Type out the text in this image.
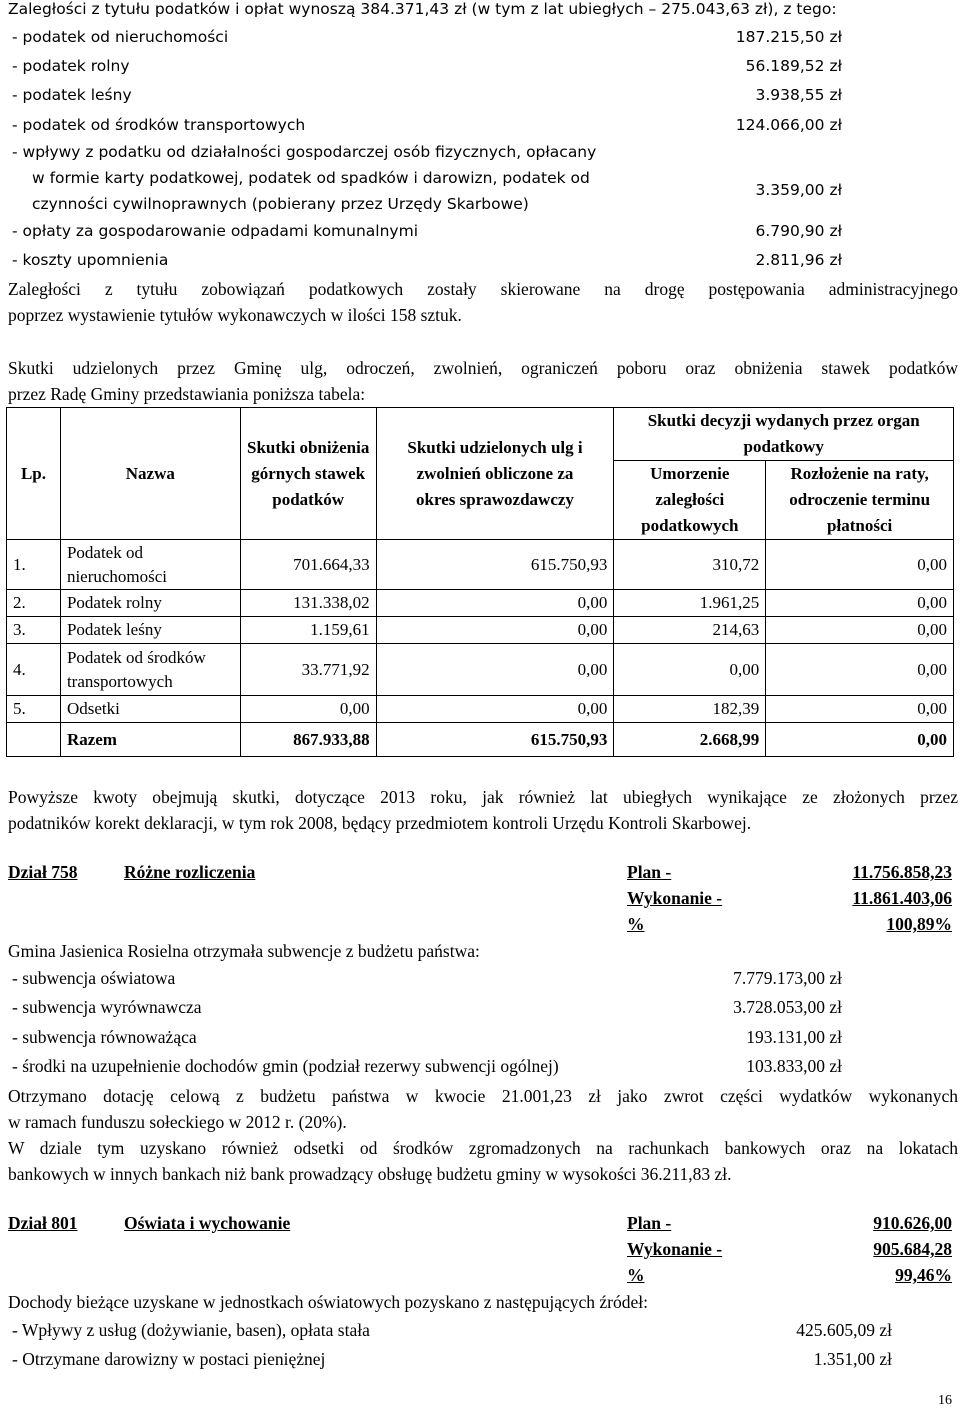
Zaległości z tytułu podatków i opłat wynoszą 384.371,43 zł (w tym z lat ubiegłych – 275.043,63 zł), z tego:
- podatek od nieruchomości	187.215,50 zł
- podatek rolny	56.189,52 zł
- podatek leśny	3.938,55 zł
- podatek od środków transportowych	124.066,00 zł
- wpływy z podatku od działalności gospodarczej osób fizycznych, opłacany
w formie karty podatkowej, podatek od spadków i darowizn, podatek od
czynności cywilnoprawnych (pobierany przez Urzędy Skarbowe)
3.359,00 zł
- opłaty za gospodarowanie odpadami komunalnymi	6.790,90 zł
- koszty upomnienia	2.811,96 zł
Zaległości z tytułu zobowiązań podatkowych zostały skierowane na drogę postępowania administracyjnego
poprzez wystawienie tytułów wykonawczych w ilości 158 sztuk.
Skutki udzielonych przez Gminę ulg, odroczeń, zwolnień, ograniczeń poboru oraz obniżenia stawek podatków
przez Radę Gminy przedstawiania poniższa tabela:
Lp.	Nazwa	Skutki obniżenia górnych stawek podatków	Skutki udzielonych ulg i zwolnień obliczone za okres sprawozdawczy	Skutki decyzji wydanych przez organ podatkowy	
				Umorzenie zaległości podatkowych	Rozłożenie na raty, odroczenie terminu płatności
1.	Podatek od nieruchomości	701.664,33	615.750,93	310,72	0,00
2.	Podatek rolny	131.338,02	0,00	1.961,25	0,00
3.	Podatek leśny	1.159,61	0,00	214,63	0,00
4.	Podatek od środków transportowych	33.771,92	0,00	0,00	0,00
5.	Odsetki	0,00	0,00	182,39	0,00
	Razem	867.933,88	615.750,93	2.668,99	0,00
Powyższe kwoty obejmują skutki, dotyczące 2013 roku, jak również lat ubiegłych wynikające ze złożonych przez
podatników korekt deklaracji, w tym rok 2008, będący przedmiotem kontroli Urzędu Kontroli Skarbowej.
Dział 758	Różne rozliczenia	Plan -	11.756.858,23
Wykonanie -	11.861.403,06
%	100,89%
Gmina Jasienica Rosielna otrzymała subwencje z budżetu państwa:
- subwencja oświatowa	7.779.173,00 zł
- subwencja wyrównawcza	3.728.053,00 zł
- subwencja równoważąca	193.131,00 zł
- środki na uzupełnienie dochodów gmin (podział rezerwy subwencji ogólnej)	103.833,00 zł
Otrzymano dotację celową z budżetu państwa w kwocie 21.001,23 zł jako zwrot części wydatków wykonanych
w ramach funduszu sołeckiego w 2012 r. (20%).
W dziale tym uzyskano również odsetki od środków zgromadzonych na rachunkach bankowych oraz na lokatach
bankowych w innych bankach niż bank prowadzący obsługę budżetu gminy w wysokości 36.211,83 zł.
Dział 801	Oświata i wychowanie	Plan -	910.626,00
Wykonanie -	905.684,28
%	99,46%
Dochody bieżące uzyskane w jednostkach oświatowych pozyskano z następujących źródeł:
- Wpływy z usług (dożywianie, basen), opłata stała	425.605,09 zł
- Otrzymane darowizny w postaci pieniężnej	1.351,00 zł
16
